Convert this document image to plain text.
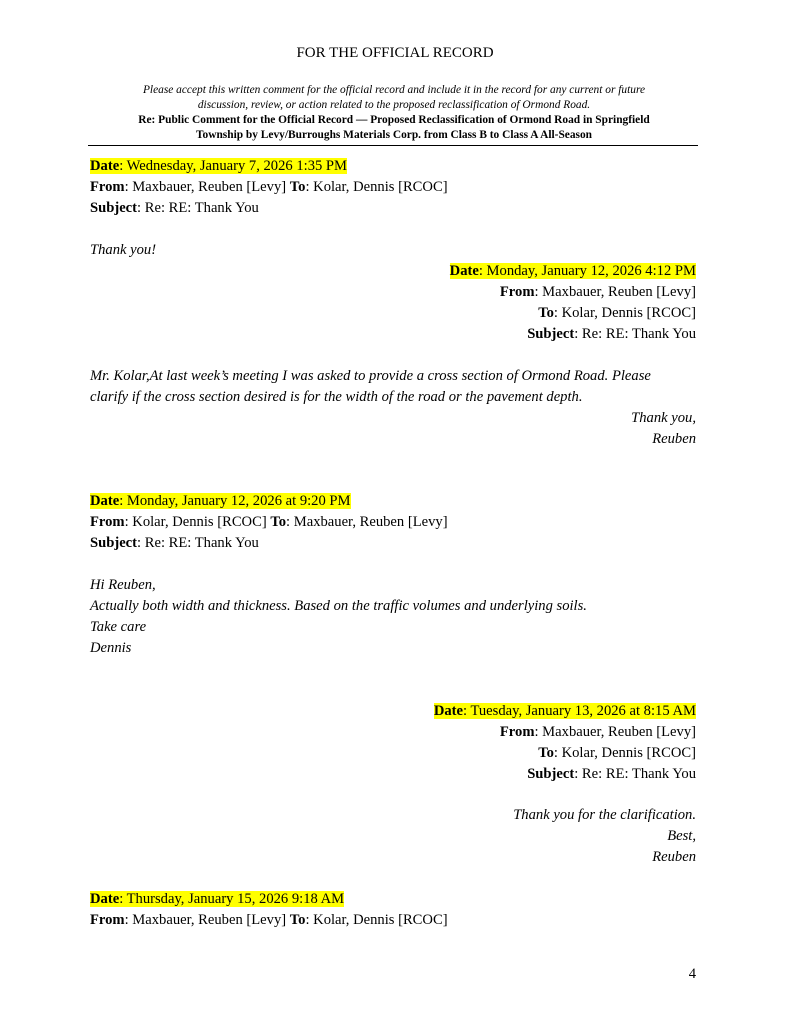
FOR THE OFFICIAL RECORD
Please accept this written comment for the official record and include it in the record for any current or future
discussion, review, or action related to the proposed reclassification of Ormond Road.
Re: Public Comment for the Official Record — Proposed Reclassification of Ormond Road in Springfield
Township by Levy/Burroughs Materials Corp. from Class B to Class A All-Season
Date: Wednesday, January 7, 2026 1:35 PM
From: Maxbauer, Reuben [Levy] To: Kolar, Dennis [RCOC]
Subject: Re: RE: Thank You
Thank you!
Date: Monday, January 12, 2026 4:12 PM
From: Maxbauer, Reuben [Levy]
To: Kolar, Dennis [RCOC]
Subject: Re: RE: Thank You
Mr. Kolar,At last week’s meeting I was asked to provide a cross section of Ormond Road. Please
clarify if the cross section desired is for the width of the road or the pavement depth.
Thank you,
Reuben
Date: Monday, January 12, 2026 at 9:20 PM
From: Kolar, Dennis [RCOC] To: Maxbauer, Reuben [Levy]
Subject: Re: RE: Thank You
Hi Reuben,
Actually both width and thickness. Based on the traffic volumes and underlying soils.
Take care
Dennis
Date: Tuesday, January 13, 2026 at 8:15 AM
From: Maxbauer, Reuben [Levy]
To: Kolar, Dennis [RCOC]
Subject: Re: RE: Thank You
Thank you for the clarification.
Best,
Reuben
Date: Thursday, January 15, 2026 9:18 AM
From: Maxbauer, Reuben [Levy] To: Kolar, Dennis [RCOC]
4
